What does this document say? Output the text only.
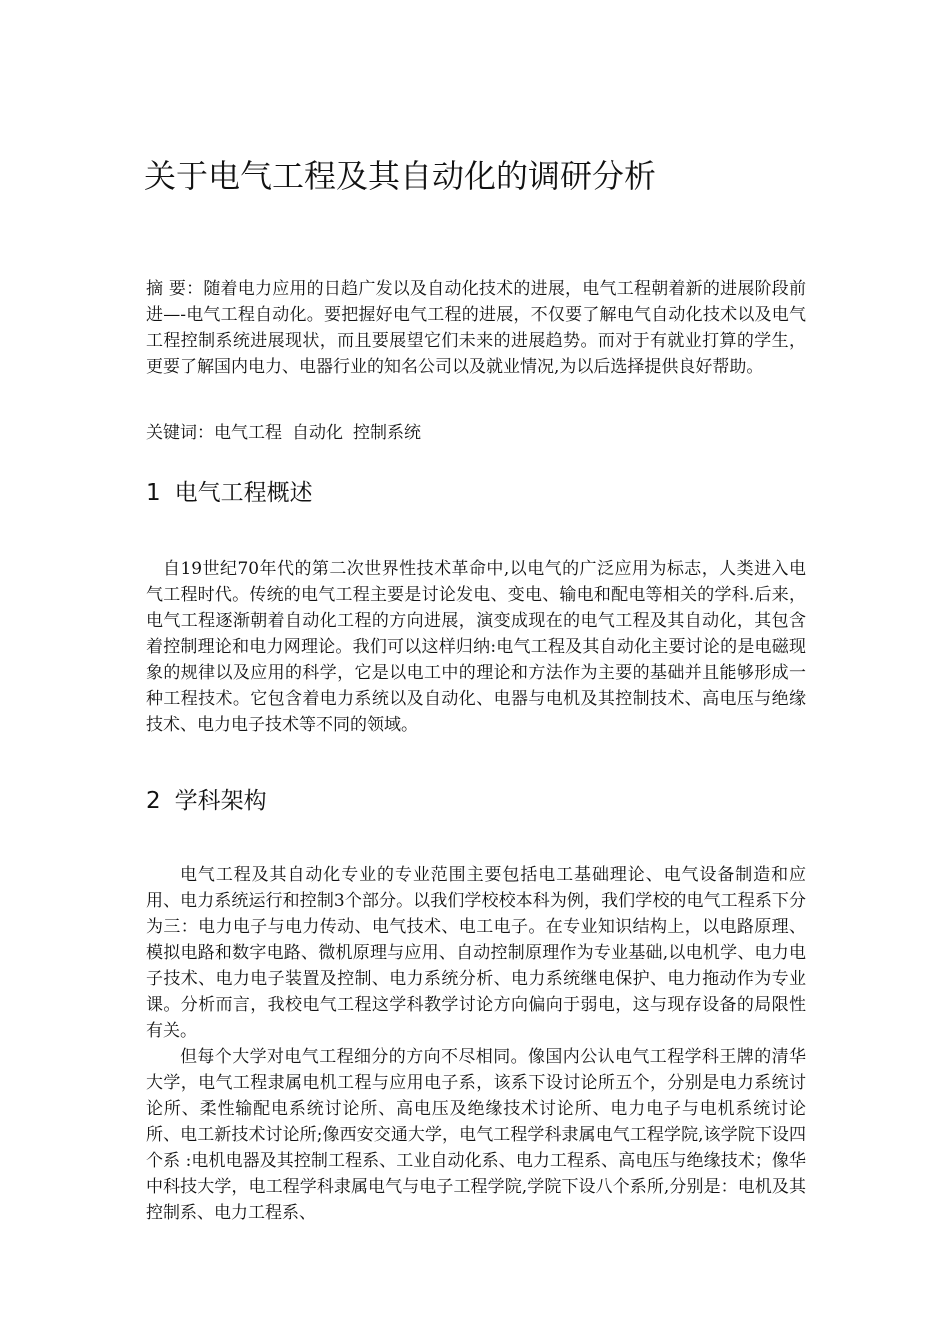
关于电气工程及其自动化的调研分析

摘 要：随着电力应用的日趋广发以及自动化技术的进展，电气工程朝着新的进展阶段前进—-电气工程自动化。要把握好电气工程的进展，不仅要了解电气自动化技术以及电气工程控制系统进展现状，而且要展望它们未来的进展趋势。而对于有就业打算的学生，更要了解国内电力、电器行业的知名公司以及就业情况,为以后选择提供良好帮助。

关键词：电气工程 自动化 控制系统

1 电气工程概述

自19世纪70年代的第二次世界性技术革命中,以电气的广泛应用为标志，人类进入电气工程时代。传统的电气工程主要是讨论发电、变电、输电和配电等相关的学科.后来，电气工程逐渐朝着自动化工程的方向进展，演变成现在的电气工程及其自动化，其包含着控制理论和电力网理论。我们可以这样归纳:电气工程及其自动化主要讨论的是电磁现象的规律以及应用的科学，它是以电工中的理论和方法作为主要的基础并且能够形成一种工程技术。它包含着电力系统以及自动化、电器与电机及其控制技术、高电压与绝缘技术、电力电子技术等不同的领域。

2 学科架构

电气工程及其自动化专业的专业范围主要包括电工基础理论、电气设备制造和应用、电力系统运行和控制3个部分。以我们学校校本科为例，我们学校的电气工程系下分为三：电力电子与电力传动、电气技术、电工电子。在专业知识结构上，以电路原理、模拟电路和数字电路、微机原理与应用、自动控制原理作为专业基础,以电机学、电力电子技术、电力电子装置及控制、电力系统分析、电力系统继电保护、电力拖动作为专业课。分析而言，我校电气工程这学科教学讨论方向偏向于弱电，这与现存设备的局限性有关。

但每个大学对电气工程细分的方向不尽相同。像国内公认电气工程学科王牌的清华大学，电气工程隶属电机工程与应用电子系，该系下设讨论所五个，分别是电力系统讨论所、柔性输配电系统讨论所、高电压及绝缘技术讨论所、电力电子与电机系统讨论所、电工新技术讨论所;像西安交通大学，电气工程学科隶属电气工程学院,该学院下设四个系 :电机电器及其控制工程系、工业自动化系、电力工程系、高电压与绝缘技术；像华中科技大学，电工程学科隶属电气与电子工程学院,学院下设八个系所,分别是：电机及其控制系、电力工程系、
